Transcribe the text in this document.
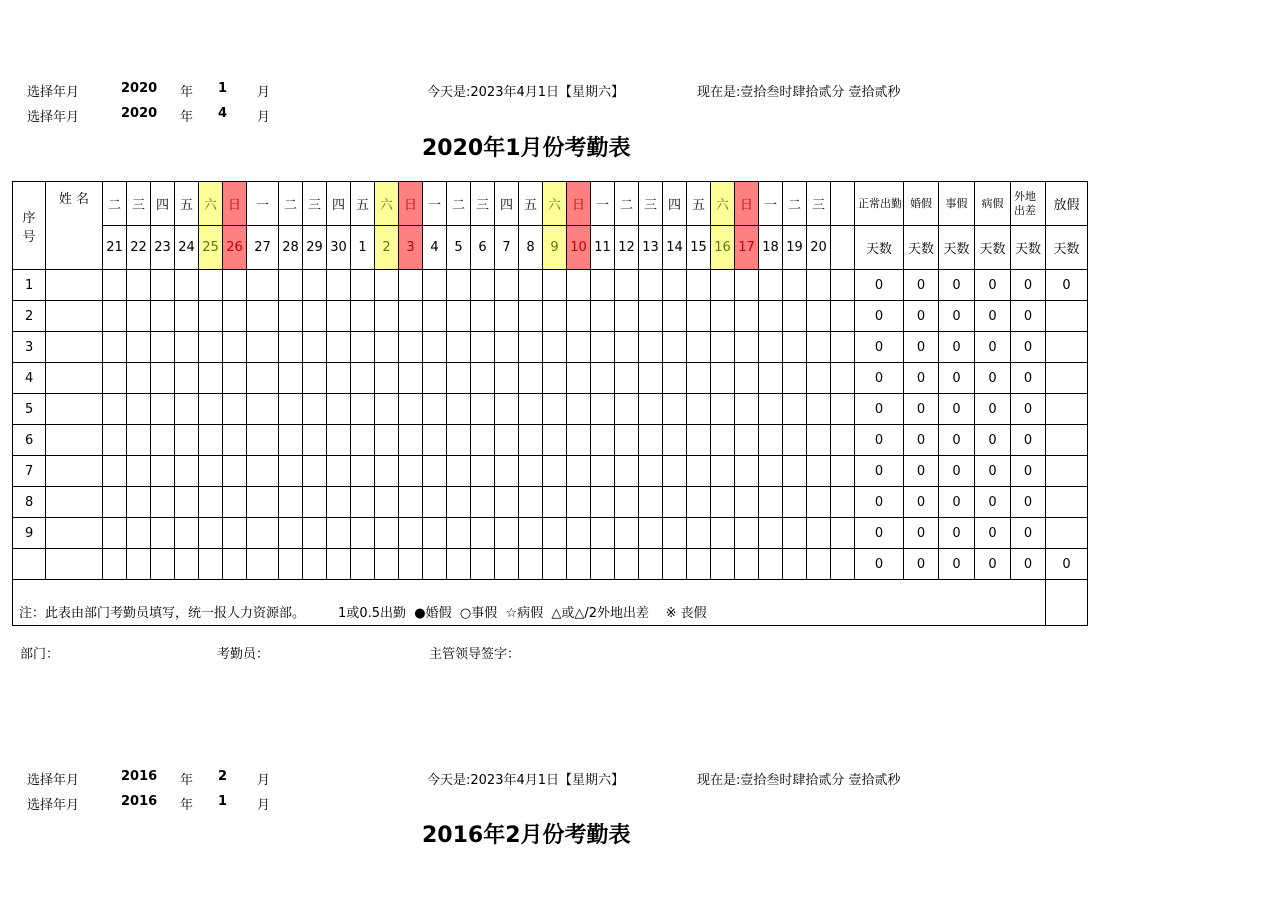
选择年月	2020 年 1 月	今天是:2023年4月1日【星期六】	现在是:壹拾叁时肆拾贰分 壹拾贰秒
选择年月	2020 年 4 月
2020年1月份考勤表
序号	姓 名	二	三	四	五	六	日	一	二	三	四	五	六	日	一	二	三	四	五	六	日	一	二	三	四	五	六	日	一	二	三		正常出勤	婚假	事假	病假	外地出差	放假
		21	22	23	24	25	26	27	28	29	30	1	2	3	4	5	6	7	8	9	10	11	12	13	14	15	16	17	18	19	20		天数	天数	天数	天数	天数	天数
1																																	0	0	0	0	0	0
2																																	0	0	0	0	0	
3																																	0	0	0	0	0	
4																																	0	0	0	0	0	
5																																	0	0	0	0	0	
6																																	0	0	0	0	0	
7																																	0	0	0	0	0	
8																																	0	0	0	0	0	
9																																	0	0	0	0	0	
																																	0	0	0	0	0	0
注：此表由部门考勤员填写，统一报人力资源部。        1或0.5出勤  ●婚假  ○事假  ☆病假  △或△/2外地出差    ※ 丧假																																						
部门：	考勤员：	主管领导签字：
选择年月	2016 年 2 月	今天是:2023年4月1日【星期六】	现在是:壹拾叁时肆拾贰分 壹拾贰秒
选择年月	2016 年 1 月
2016年2月份考勤表
